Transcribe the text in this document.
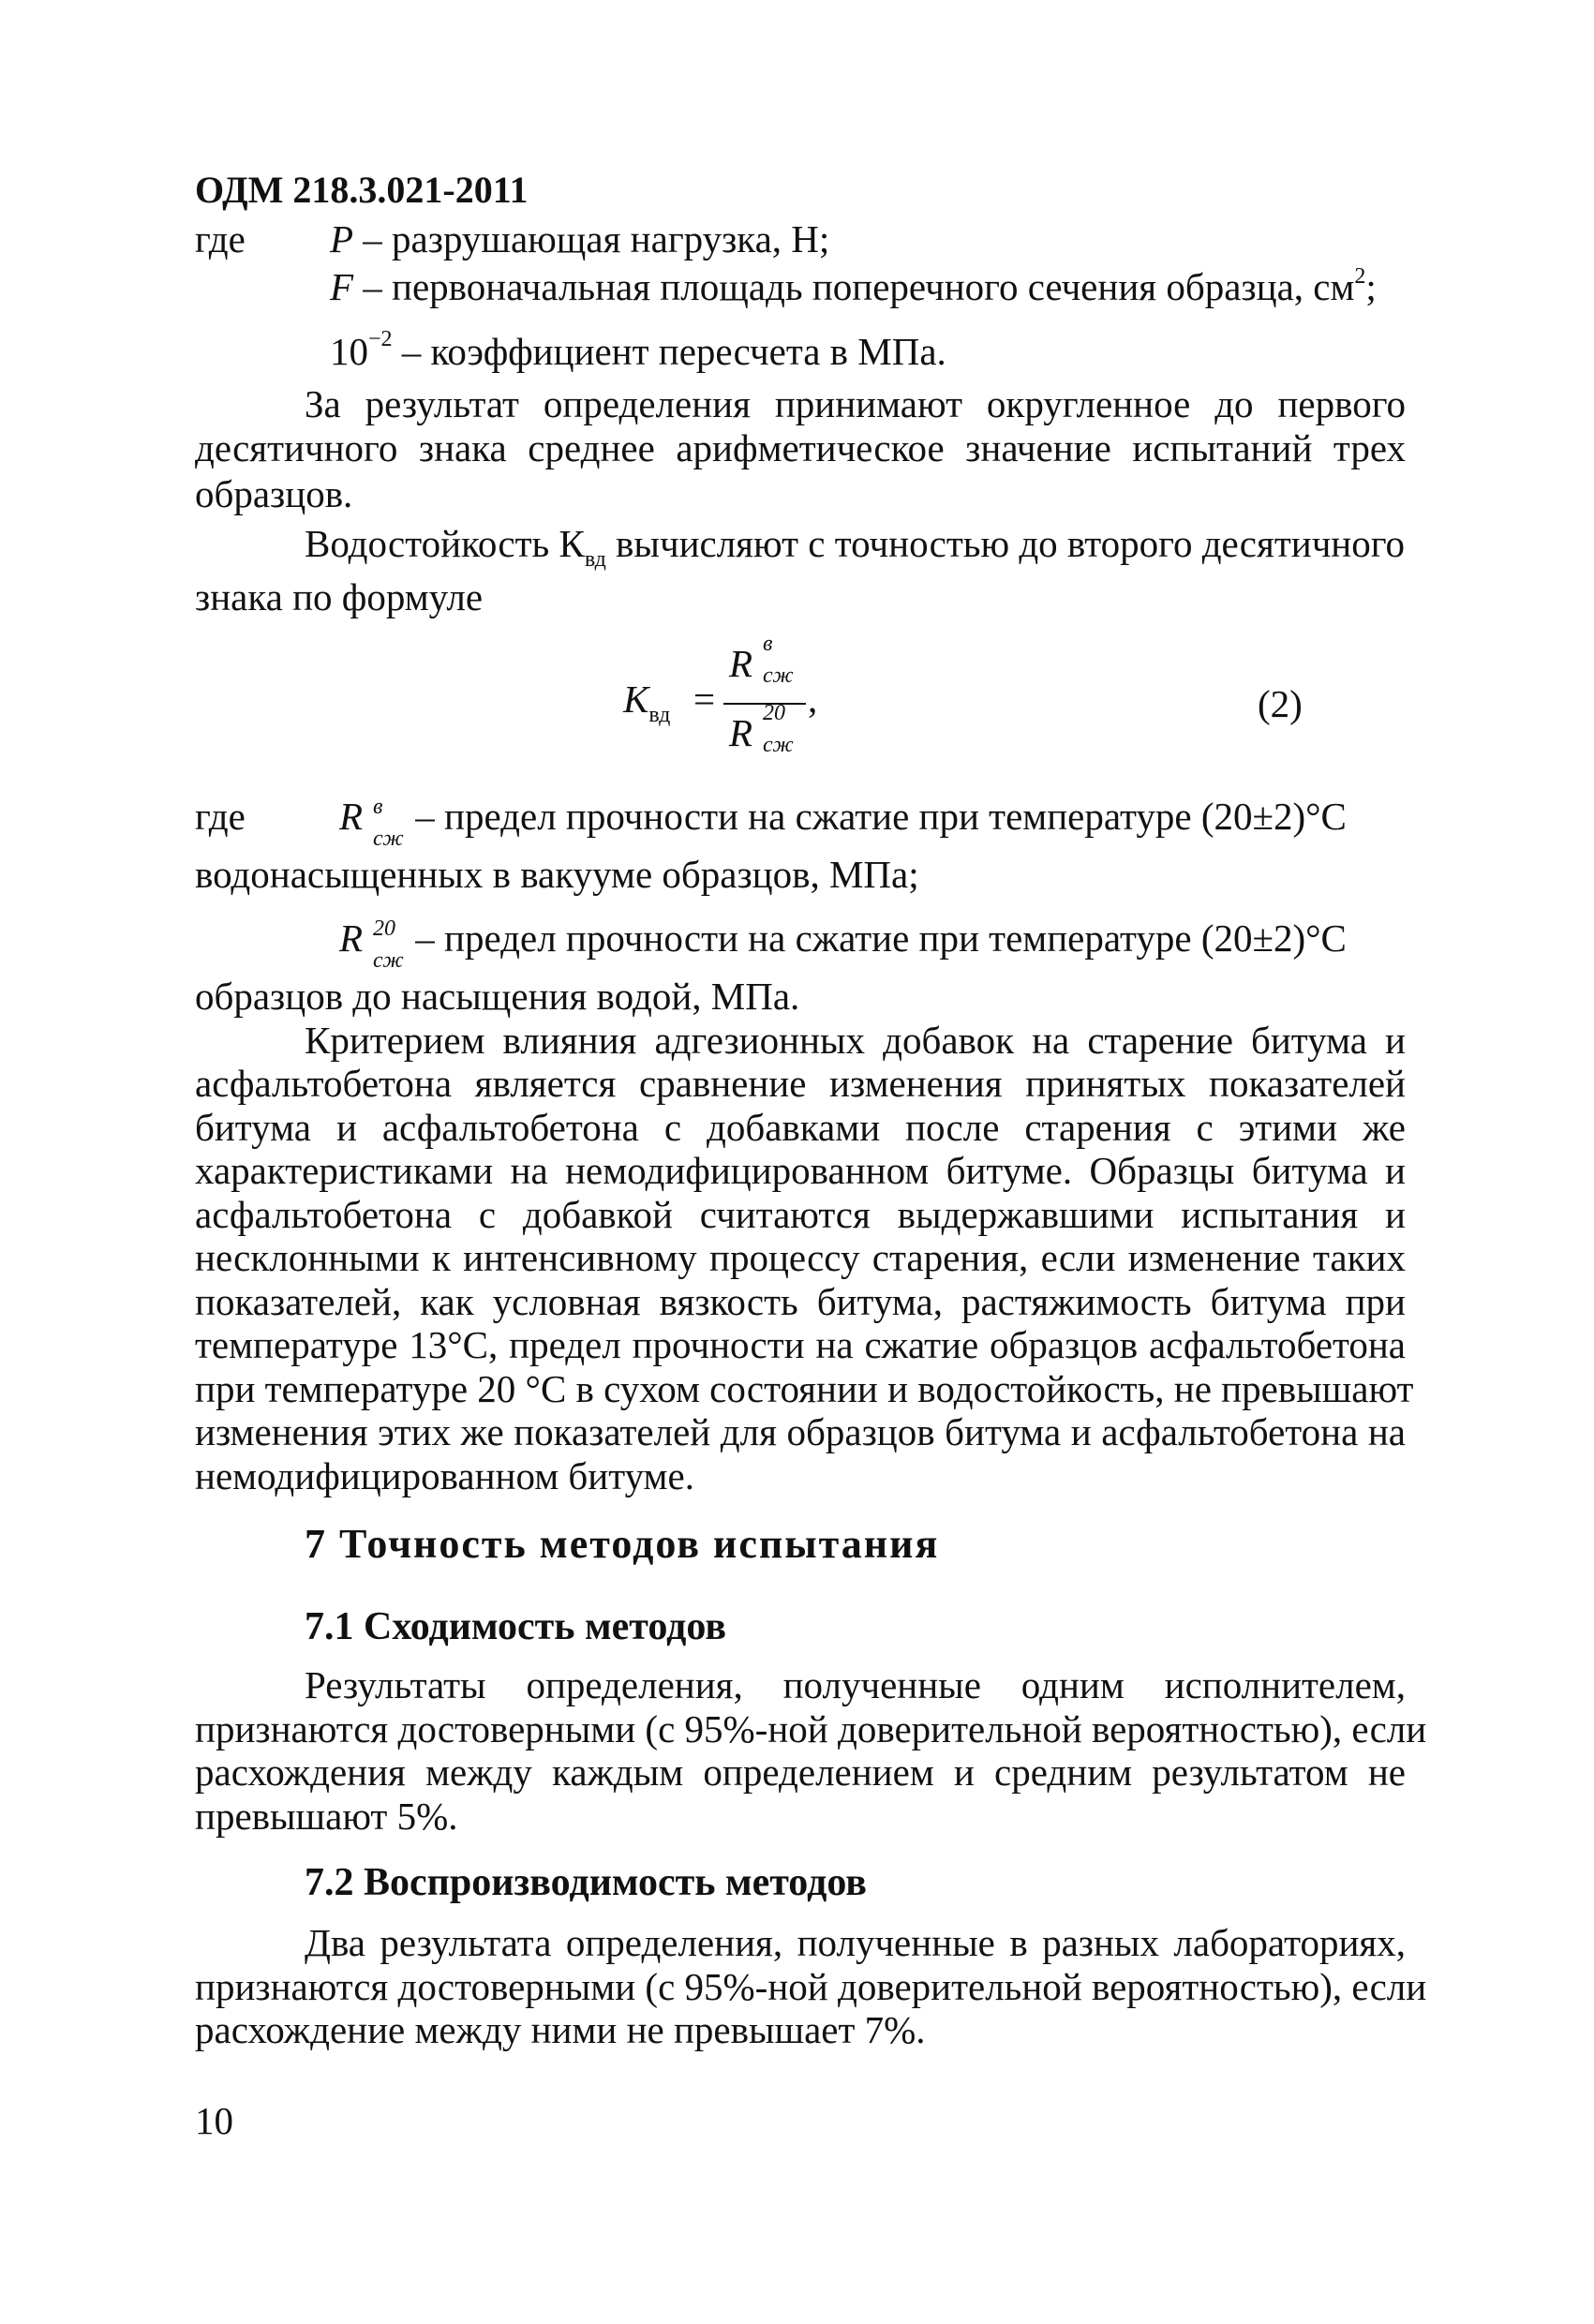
ОДМ 218.3.021-2011
где P – разрушающая нагрузка, Н;
F – первоначальная площадь поперечного сечения образца, $см^2$;
$10^{-2}$ – коэффициент пересчета в МПа.
За результат определения принимают округленное до первого
десятичного знака среднее арифметическое значение испытаний трех
образцов.
Водостойкость $К_{вд}$ вычисляют с точностью до второго десятичного
знака по формуле
$K_{вд}$ =
R в
сж
R 20
сж
,	(2)
где R в
сж
– предел прочности на сжатие при температуре (20±2)°С
водонасыщенных в вакууме образцов, МПа;
R 20
сж
– предел прочности на сжатие при температуре (20±2)°С
образцов до насыщения водой, МПа.
Критерием влияния адгезионных добавок на старение битума и
асфальтобетона является сравнение изменения принятых показателей
битума и асфальтобетона с добавками после старения с этими же
характеристиками на немодифицированном битуме. Образцы битума и
асфальтобетона с добавкой считаются выдержавшими испытания и
несклонными к интенсивному процессу старения, если изменение таких
показателей, как условная вязкость битума, растяжимость битума при
температуре 13°С, предел прочности на сжатие образцов асфальтобетона
при температуре 20 °С в сухом состоянии и водостойкость, не превышают
изменения этих же показателей для образцов битума и асфальтобетона на
немодифицированном битуме.
7 Точность методов испытания
7.1 Сходимость методов
Результаты определения, полученные одним исполнителем,
признаются достоверными (с 95%-ной доверительной вероятностью), если
расхождения между каждым определением и средним результатом не
превышают 5%.
7.2 Воспроизводимость методов
Два результата определения, полученные в разных лабораториях,
признаются достоверными (с 95%-ной доверительной вероятностью), если
расхождение между ними не превышает 7%.
10
